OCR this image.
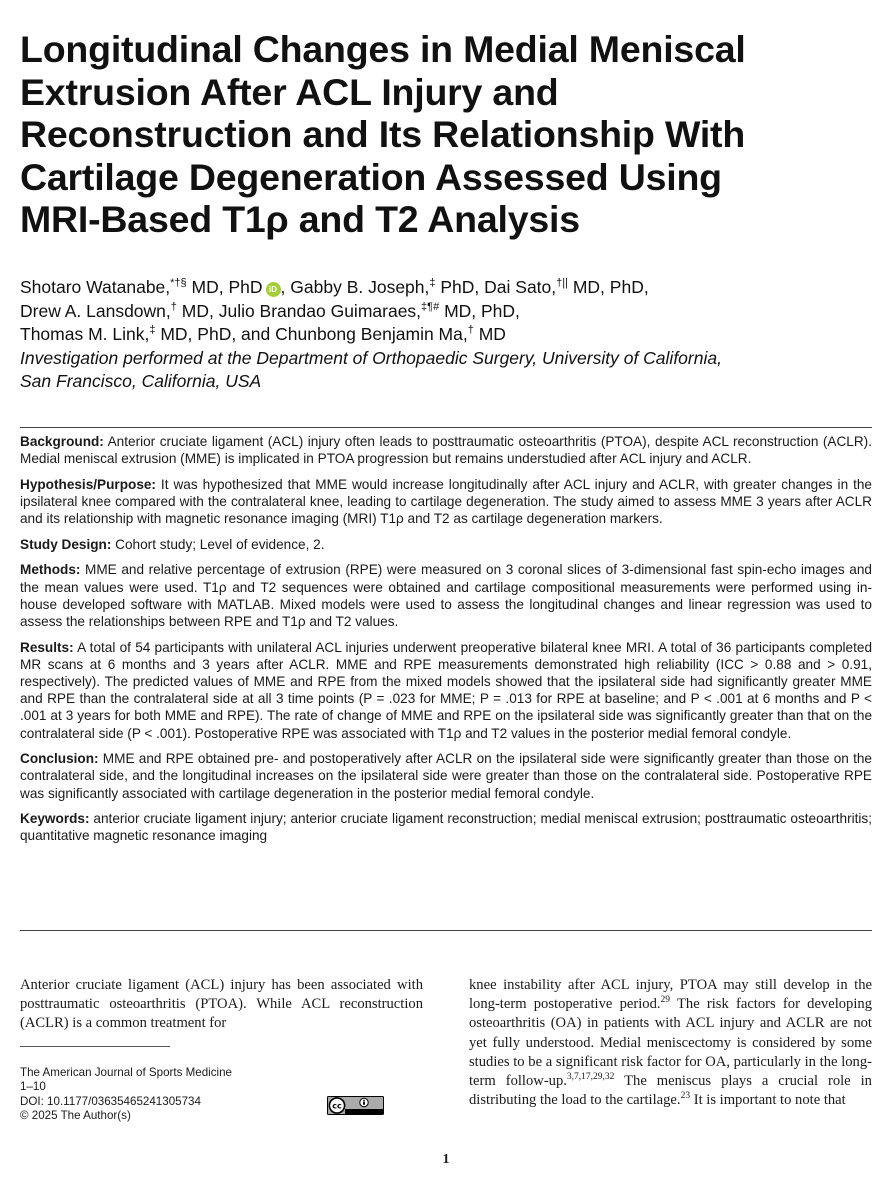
Longitudinal Changes in Medial Meniscal
Extrusion After ACL Injury and
Reconstruction and Its Relationship With
Cartilage Degeneration Assessed Using
MRI-Based T1ρ and T2 Analysis
Shotaro Watanabe,*†§ MD, PhD iD , Gabby B. Joseph,‡ PhD, Dai Sato,†|| MD, PhD,
Drew A. Lansdown,† MD, Julio Brandao Guimaraes,‡¶# MD, PhD,
Thomas M. Link,‡ MD, PhD, and Chunbong Benjamin Ma,† MD
Investigation performed at the Department of Orthopaedic Surgery, University of California,
San Francisco, California, USA

Background: Anterior cruciate ligament (ACL) injury often leads to posttraumatic osteoarthritis (PTOA), despite ACL reconstruction (ACLR). Medial meniscal extrusion (MME) is implicated in PTOA progression but remains understudied after ACL injury and ACLR.

Hypothesis/Purpose: It was hypothesized that MME would increase longitudinally after ACL injury and ACLR, with greater changes in the ipsilateral knee compared with the contralateral knee, leading to cartilage degeneration. The study aimed to assess MME 3 years after ACLR and its relationship with magnetic resonance imaging (MRI) T1ρ and T2 as cartilage degeneration markers.

Study Design: Cohort study; Level of evidence, 2.

Methods: MME and relative percentage of extrusion (RPE) were measured on 3 coronal slices of 3-dimensional fast spin-echo images and the mean values were used. T1ρ and T2 sequences were obtained and cartilage compositional measurements were performed using in-house developed software with MATLAB. Mixed models were used to assess the longitudinal changes and linear regression was used to assess the relationships between RPE and T1ρ and T2 values.

Results: A total of 54 participants with unilateral ACL injuries underwent preoperative bilateral knee MRI. A total of 36 participants completed MR scans at 6 months and 3 years after ACLR. MME and RPE measurements demonstrated high reliability (ICC > 0.88 and > 0.91, respectively). The predicted values of MME and RPE from the mixed models showed that the ipsilateral side had significantly greater MME and RPE than the contralateral side at all 3 time points (P = .023 for MME; P = .013 for RPE at baseline; and P < .001 at 6 months and P < .001 at 3 years for both MME and RPE). The rate of change of MME and RPE on the ipsilateral side was significantly greater than that on the contralateral side (P < .001). Postoperative RPE was associated with T1ρ and T2 values in the posterior medial femoral condyle.

Conclusion: MME and RPE obtained pre- and postoperatively after ACLR on the ipsilateral side were significantly greater than those on the contralateral side, and the longitudinal increases on the ipsilateral side were greater than those on the contralateral side. Postoperative RPE was significantly associated with cartilage degeneration in the posterior medial femoral condyle.

Keywords: anterior cruciate ligament injury; anterior cruciate ligament reconstruction; medial meniscal extrusion; posttraumatic osteoarthritis; quantitative magnetic resonance imaging

Anterior cruciate ligament (ACL) injury has been associated with posttraumatic osteoarthritis (PTOA). While ACL reconstruction (ACLR) is a common treatment for
knee instability after ACL injury, PTOA may still develop in the long-term postoperative period.$^{29}$ The risk factors for developing osteoarthritis (OA) in patients with ACL injury and ACLR are not yet fully understood. Medial meniscectomy is considered by some studies to be a significant risk factor for OA, particularly in the long-term follow-up.$^{3,7,17,29,32}$ The meniscus plays a crucial role in distributing the load to the cartilage.$^{23}$ It is important to note that
The American Journal of Sports Medicine
1–10
DOI: 10.1177/03635465241305734
© 2025 The Author(s)
cc
1
